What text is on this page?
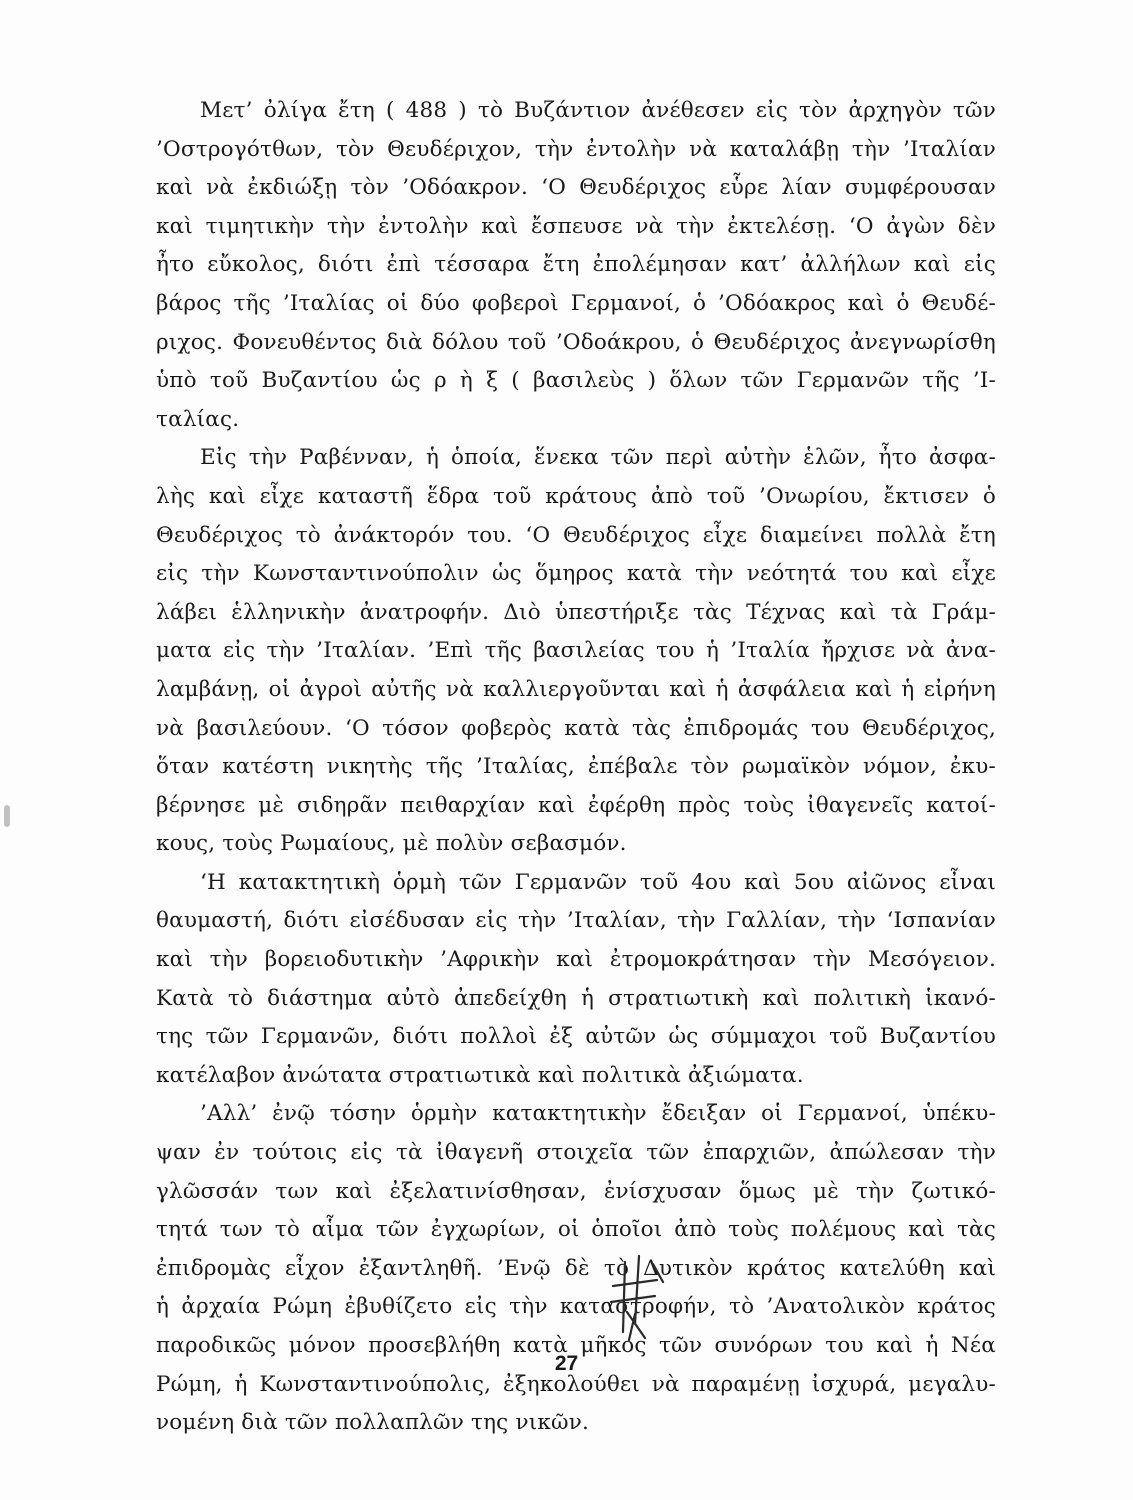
Μετ’ ὀλίγα ἔτη ( 488 ) τὸ Βυζάντιον ἀνέθεσεν εἰς τὸν ἀρχηγὸν τῶν
’Οστρογότθων, τὸν Θευδέριχον, τὴν ἐντολὴν νὰ καταλάβῃ τὴν ’Ιταλίαν
καὶ νὰ ἐκδιώξῃ τὸν ’Οδόακρον. ‘Ο Θευδέριχος εὗρε λίαν συμφέρουσαν
καὶ τιμητικὴν τὴν ἐντολὴν καὶ ἔσπευσε νὰ τὴν ἐκτελέσῃ. ‘Ο ἀγὼν δὲν
ἦτο εὔκολος, διότι ἐπὶ τέσσαρα ἔτη ἐπολέμησαν κατ’ ἀλλήλων καὶ εἰς
βάρος τῆς ’Ιταλίας οἱ δύο φοβεροὶ Γερμανοί, ὁ ’Οδόακρος καὶ ὁ Θευδέ-
ριχος. Φονευθέντος διὰ δόλου τοῦ ’Οδοάκρου, ὁ Θευδέριχος ἀνεγνωρίσθη
ὑπὸ τοῦ Βυζαντίου ὡς ρ ὴ ξ ( βασιλεὺς ) ὅλων τῶν Γερμανῶν τῆς ’Ι-
ταλίας.
Εἰς τὴν Ραβένναν, ἡ ὁποία, ἕνεκα τῶν περὶ αὐτὴν ἑλῶν, ἦτο ἀσφα-
λὴς καὶ εἶχε καταστῆ ἕδρα τοῦ κράτους ἀπὸ τοῦ ’Ονωρίου, ἔκτισεν ὁ
Θευδέριχος τὸ ἀνάκτορόν του. ‘Ο Θευδέριχος εἶχε διαμείνει πολλὰ ἔτη
εἰς τὴν Κωνσταντινούπολιν ὡς ὅμηρος κατὰ τὴν νεότητά του καὶ εἶχε
λάβει ἑλληνικὴν ἀνατροφήν. Διὸ ὑπεστήριξε τὰς Τέχνας καὶ τὰ Γράμ-
ματα εἰς τὴν ’Ιταλίαν. ’Επὶ τῆς βασιλείας του ἡ ’Ιταλία ἤρχισε νὰ ἀνα-
λαμβάνῃ, οἱ ἀγροὶ αὐτῆς νὰ καλλιεργοῦνται καὶ ἡ ἀσφάλεια καὶ ἡ εἰρήνη
νὰ βασιλεύουν. ‘Ο τόσον φοβερὸς κατὰ τὰς ἐπιδρομάς του Θευδέριχος,
ὅταν κατέστη νικητὴς τῆς ’Ιταλίας, ἐπέβαλε τὸν ρωμαϊκὸν νόμον, ἐκυ-
βέρνησε μὲ σιδηρᾶν πειθαρχίαν καὶ ἐφέρθη πρὸς τοὺς ἰθαγενεῖς κατοί-
κους, τοὺς Ρωμαίους, μὲ πολὺν σεβασμόν.
‘Η κατακτητικὴ ὁρμὴ τῶν Γερμανῶν τοῦ 4ου καὶ 5ου αἰῶνος εἶναι
θαυμαστή, διότι εἰσέδυσαν εἰς τὴν ’Ιταλίαν, τὴν Γαλλίαν, τὴν ‘Ισπανίαν
καὶ τὴν βορειοδυτικὴν ’Αφρικὴν καὶ ἐτρομοκράτησαν τὴν Μεσόγειον.
Κατὰ τὸ διάστημα αὐτὸ ἀπεδείχθη ἡ στρατιωτικὴ καὶ πολιτικὴ ἱκανό-
της τῶν Γερμανῶν, διότι πολλοὶ ἐξ αὐτῶν ὡς σύμμαχοι τοῦ Βυζαντίου
κατέλαβον ἀνώτατα στρατιωτικὰ καὶ πολιτικὰ ἀξιώματα.
’Αλλ’ ἐνῷ τόσην ὁρμὴν κατακτητικὴν ἔδειξαν οἱ Γερμανοί, ὑπέκυ-
ψαν ἐν τούτοις εἰς τὰ ἰθαγενῆ στοιχεῖα τῶν ἐπαρχιῶν, ἀπώλεσαν τὴν
γλῶσσάν των καὶ ἐξελατινίσθησαν, ἐνίσχυσαν ὅμως μὲ τὴν ζωτικό-
τητά των τὸ αἷμα τῶν ἐγχωρίων, οἱ ὁποῖοι ἀπὸ τοὺς πολέμους καὶ τὰς
ἐπιδρομὰς εἶχον ἐξαντληθῆ. ’Ενῷ δὲ τὸ Δυτικὸν κράτος κατελύθη καὶ
ἡ ἀρχαία Ρώμη ἐβυθίζετο εἰς τὴν καταστροφήν, τὸ ’Ανατολικὸν κράτος
παροδικῶς μόνον προσεβλήθη κατὰ μῆκος τῶν συνόρων του καὶ ἡ Νέα
Ρώμη, ἡ Κωνσταντινούπολις, ἐξηκολούθει νὰ παραμένῃ ἰσχυρά, μεγαλυ-
νομένη διὰ τῶν πολλαπλῶν της νικῶν.
27
